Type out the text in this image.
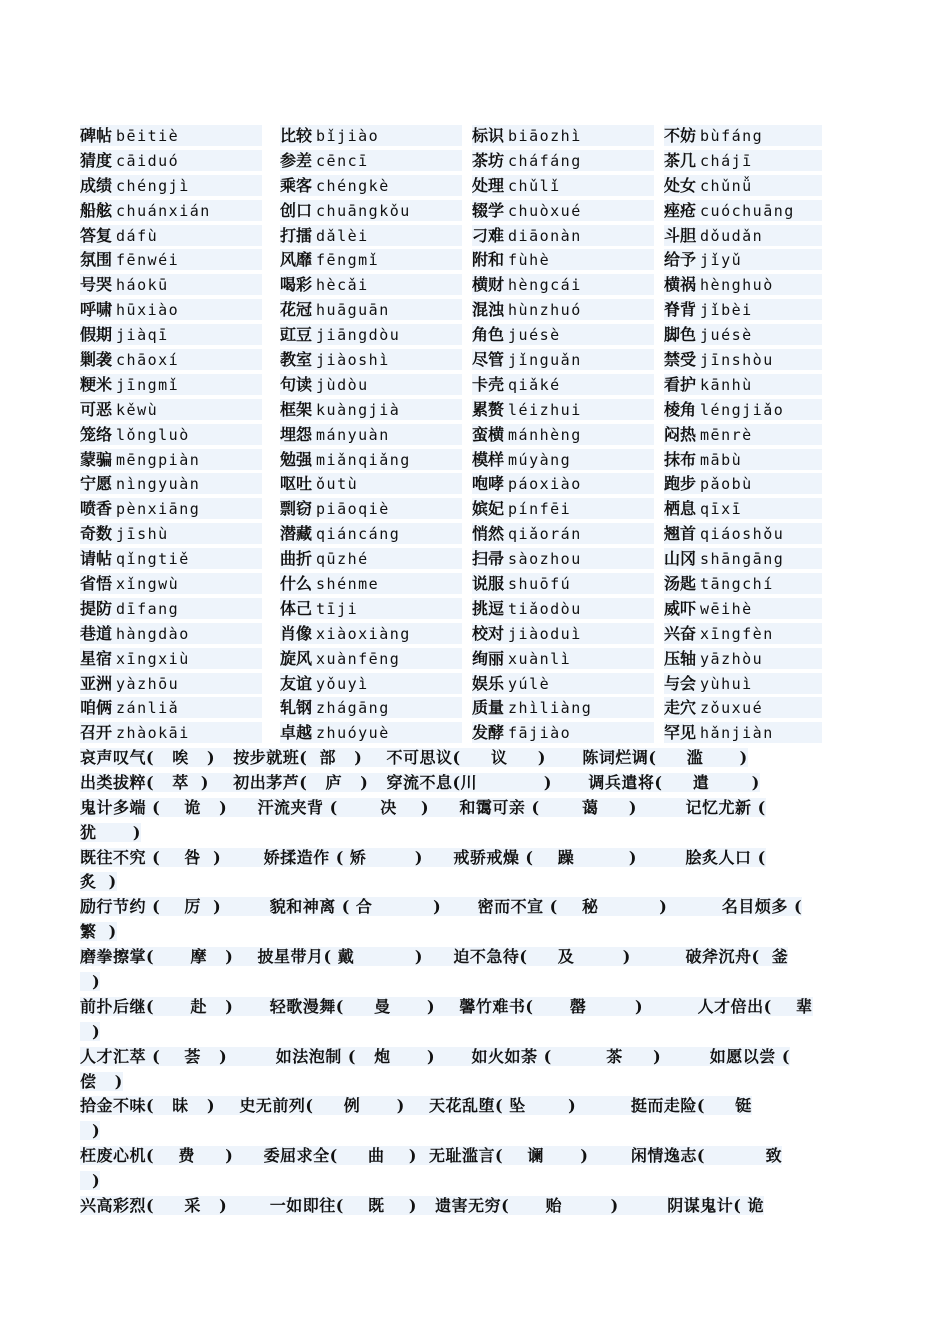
碑帖 bēitiè	比较 bǐjiào	标识 biāozhì	不妨 bùfáng
猜度 cāiduó	参差 cēncī	茶坊 cháfáng	茶几 chájī
成绩 chéngjì	乘客 chéngkè	处理 chǔlǐ	处女 chǔnǚ
船舷 chuánxián	创口 chuāngkǒu	辍学 chuòxué	痤疮 cuóchuāng
答复 dáfù	打擂 dǎlèi	刁难 diāonàn	斗胆 dǒudǎn
氛围 fēnwéi	风靡 fēngmǐ	附和 fùhè	给予 jǐyǔ
号哭 háokū	喝彩 hècǎi	横财 hèngcái	横祸 hènghuò
呼啸 hūxiào	花冠 huāguān	混浊 hùnzhuó	脊背 jǐbèi
假期 jiàqī	豇豆 jiāngdòu	角色 juésè	脚色 juésè
剿袭 chāoxí	教室 jiàoshì	尽管 jǐnguǎn	禁受 jīnshòu
粳米 jīngmǐ	句读 jùdòu	卡壳 qiǎké	看护 kānhù
可恶 kěwù	框架 kuàngjià	累赘 léizhui	棱角 léngjiǎo
笼络 lǒngluò	埋怨 mányuàn	蛮横 mánhèng	闷热 mēnrè
蒙骗 mēngpiàn	勉强 miǎnqiǎng	模样 múyàng	抹布 mābù
宁愿 nìngyuàn	呕吐 ǒutù	咆哮 páoxiào	跑步 pǎobù
喷香 pènxiāng	剽窃 piāoqiè	嫔妃 pínfēi	栖息 qīxī
奇数 jīshù	潜藏 qiáncáng	悄然 qiǎorán	翘首 qiáoshǒu
请帖 qǐngtiě	曲折 qūzhé	扫帚 sàozhou	山冈 shāngāng
省悟 xǐngwù	什么 shénme	说服 shuōfú	汤匙 tāngchí
提防 dīfang	体己 tīji	挑逗 tiǎodòu	威吓 wēihè
巷道 hàngdào	肖像 xiàoxiàng	校对 jiàoduì	兴奋 xīngfèn
星宿 xīngxiù	旋风 xuànfēng	绚丽 xuànlì	压轴 yāzhòu
亚洲 yàzhōu	友谊 yǒuyì	娱乐 yúlè	与会 yùhuì
咱俩 zánliǎ	轧钢 zhágāng	质量 zhìliàng	走穴 zǒuxué
召开 zhàokāi	卓越 zhuóyuè	发酵 fājiào	罕见 hǎnjiàn
哀声叹气(   唉   )   按步就班(  部   )    不可思议(     议     )      陈词烂调(     滥      )
出类拔粹(   萃  )    初出茅芦(   庐   )   穿流不息(川           )      调兵遣将(     遣       )
鬼计多端 (    诡   )     汗流夹背 (       决    )     和霭可亲 (       蔼     )        记忆尤新 (
犹      )
既往不究 (    咎  )       娇揉造作 ( 矫        )     戒骄戒燥 (    躁         )        脍炙人口 (
炙  )
励行节约 (    厉  )        貌和神离 ( 合          )      密而不宣 (    秘          )         名目烦多 (
繁  )
磨拳擦掌(      摩   )    披星带月( 戴          )     迫不急待(     及        )         破斧沉舟(  釜
)
前扑后继(      赴   )      轻歌漫舞(     曼      )    馨竹难书(      罄        )         人才倍出(    辈
)
人才汇萃 (    荟   )        如法泡制 (   炮      )      如火如荼 (         茶     )        如愿以尝 (
偿   )
拾金不味(   昧   )    史无前列(     例      )    天花乱堕( 坠       )         挺而走险(     铤
)
枉废心机(    费     )     委屈求全(     曲    )  无耻滥言(    谰      )       闲情逸志(          致
)
兴高彩烈(     采   )       一如即往(    既    )   遗害无穷(      贻        )        阴谋鬼计( 诡
